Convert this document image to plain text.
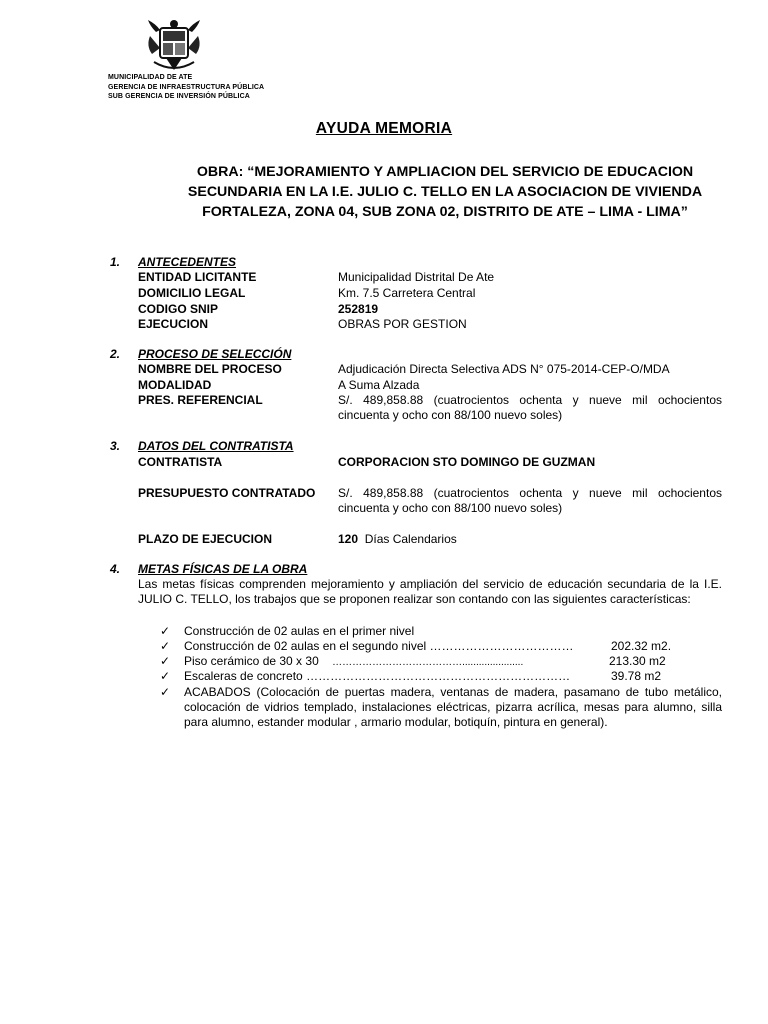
MUNICIPALIDAD DE ATE
GERENCIA DE INFRAESTRUCTURA PÚBLICA
SUB GERENCIA DE INVERSIÓN PÚBLICA
AYUDA MEMORIA
OBRA: “MEJORAMIENTO Y AMPLIACION DEL SERVICIO DE EDUCACION SECUNDARIA EN LA I.E. JULIO C. TELLO EN LA ASOCIACION DE VIVIENDA FORTALEZA, ZONA 04, SUB ZONA 02, DISTRITO DE ATE – LIMA - LIMA”
1. ANTECEDENTES
ENTIDAD LICITANTE	Municipalidad Distrital De Ate
DOMICILIO LEGAL	Km. 7.5 Carretera Central
CODIGO SNIP	252819
EJECUCION	OBRAS POR GESTION
2. PROCESO DE SELECCIÓN
NOMBRE DEL PROCESO	Adjudicación Directa Selectiva ADS N° 075-2014-CEP-O/MDA
MODALIDAD	A Suma Alzada
PRES. REFERENCIAL	S/. 489,858.88 (cuatrocientos ochenta y nueve mil ochocientos cincuenta y ocho con 88/100 nuevo soles)
3. DATOS DEL CONTRATISTA
CONTRATISTA	CORPORACION STO DOMINGO DE GUZMAN
PRESUPUESTO CONTRATADO S/. 489,858.88 (cuatrocientos ochenta y nueve mil ochocientos cincuenta y ocho con 88/100 nuevo soles)
PLAZO DE EJECUCION	120 Días Calendarios
4. METAS FÍSICAS DE LA OBRA
Las metas físicas comprenden mejoramiento y ampliación del servicio de educación secundaria de la I.E. JULIO C. TELLO, los trabajos que se proponen realizar son contando con las siguientes características:
✓ Construcción de 02 aulas en el primer nivel
✓ Construcción de 02 aulas en el segundo nivel ………………………………	202.32 m2.
✓ Piso cerámico de 30 x 30 …………………………………......................	213.30 m2
✓ Escaleras de concreto …………………………………………………………	39.78 m2
✓ ACABADOS (Colocación de puertas madera, ventanas de madera, pasamano de tubo metálico, colocación de vidrios templado, instalaciones eléctricas, pizarra acrílica, mesas para alumno, silla para alumno, estander modular , armario modular, botiquín, pintura en general).
